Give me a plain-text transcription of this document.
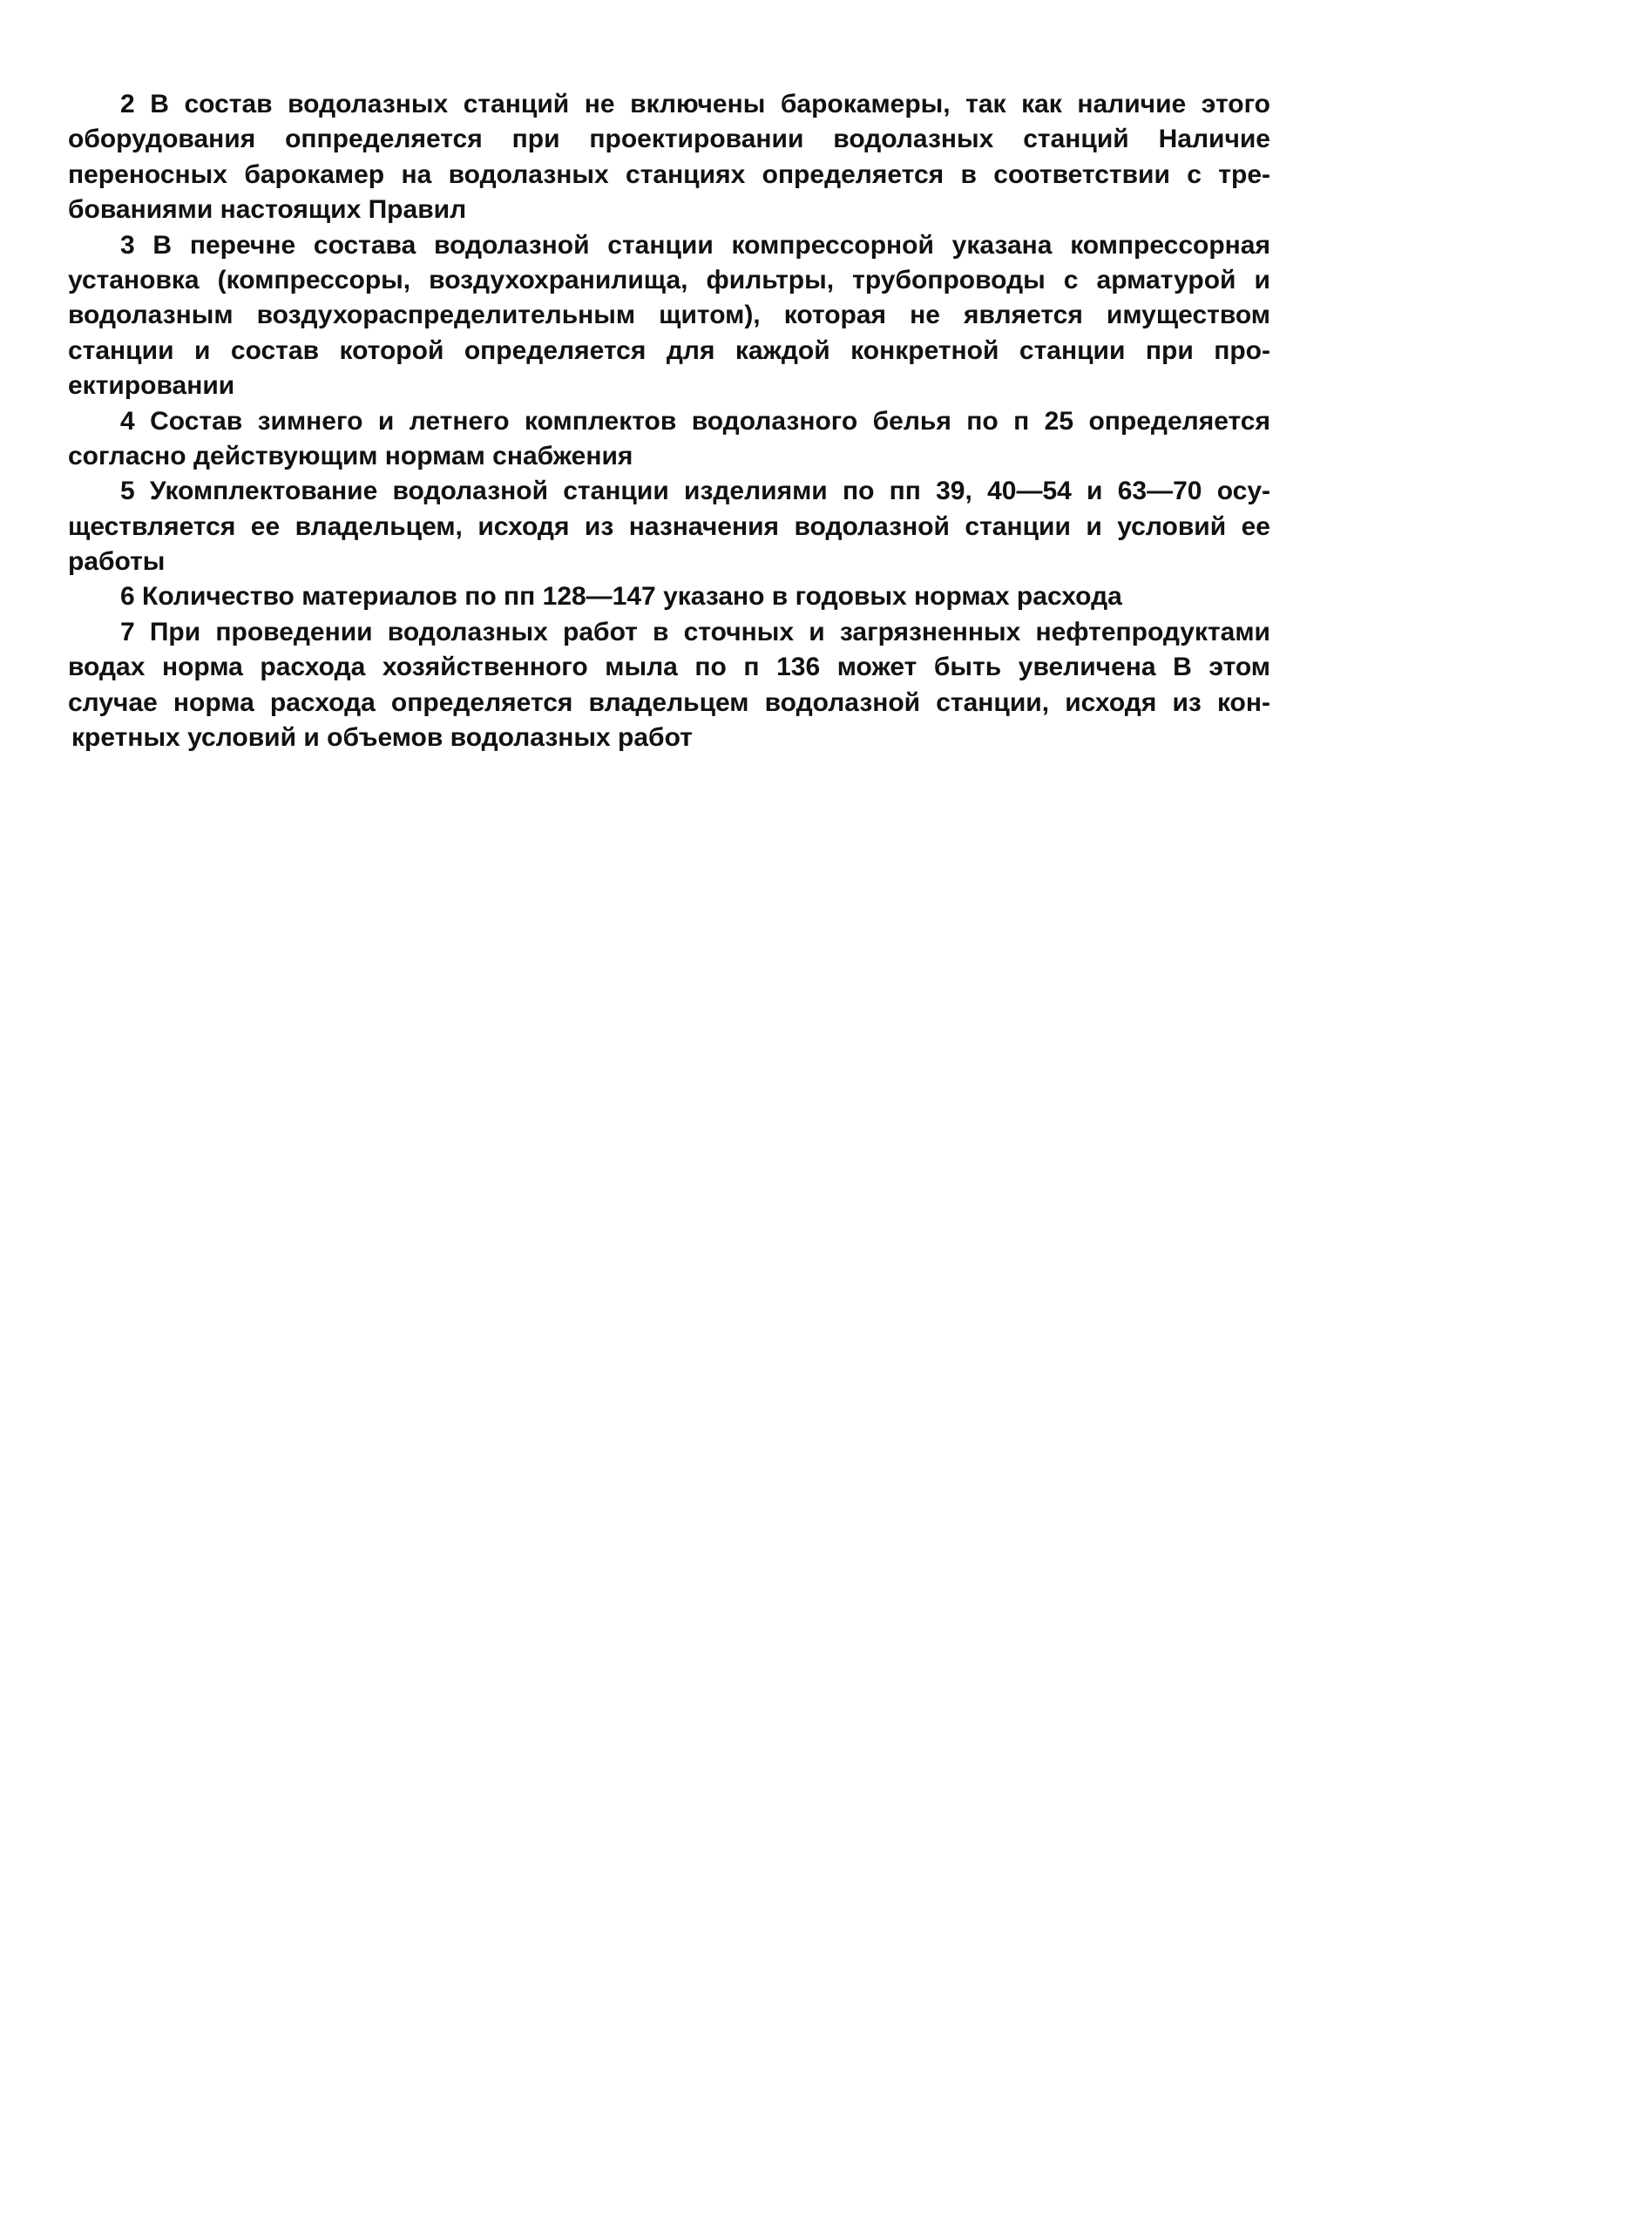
2 В состав водолазных станций не включены барокамеры, так как наличие этого
оборудования оппределяется при проектировании водолазных станций Наличие
переносных барокамер на водолазных станциях определяется в соответствии с тре-
бованиями настоящих Правил
3 В перечне состава водолазной станции компрессорной указана компрессорная
установка (компрессоры, воздухохранилища, фильтры, трубопроводы с арматурой и
водолазным воздухораспределительным щитом), которая не является имуществом
станции и состав которой определяется для каждой конкретной станции при про-
ектировании
4 Состав зимнего и летнего комплектов водолазного белья по п 25 определяется
согласно действующим нормам снабжения
5 Укомплектование водолазной станции изделиями по пп 39, 40—54 и 63—70 осу-
ществляется ее владельцем, исходя из назначения водолазной станции и условий ее
работы
6 Количество материалов по пп 128—147 указано в годовых нормах расхода
7 При проведении водолазных работ в сточных и загрязненных нефтепродуктами
водах норма расхода хозяйственного мыла по п 136 может быть увеличена В этом
случае норма расхода определяется владельцем водолазной станции, исходя из кон-
кретных условий и объемов водолазных работ
